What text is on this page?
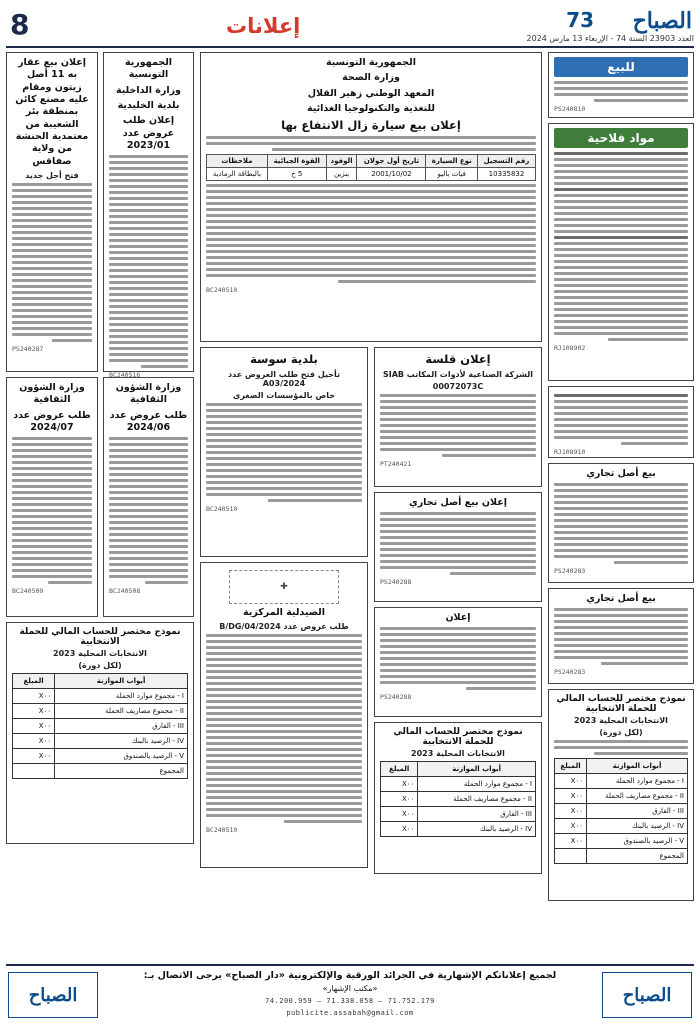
8	إعلانات	الصباح
73
العدد 23903 السنة 74 - الإربعاء 13 مارس 2024
للبيع
PS240810
مواد فلاحية
RJ108902
RJ108910
بيع أصل تجاري
PS240283
بيع أصل تجاري
PS240283
نموذج مختصر للحساب المالي للحملة الانتخابية
الانتخابات المحلية 2023
(لكل دورة)
أبواب الموازنة	المبلغ
I - مجموع موارد الحملة	X٠٠
II - مجموع مصاريف الحملة	X٠٠
III - الفارق	X٠٠
IV - الرصيد بالبنك	X٠٠
V - الرصيد بالصندوق	X٠٠
المجموع	
الجمهورية التونسية
وزارة الصحة
المعهد الوطني زهير القلال
للتغذية والتكنولوجيا الغذائية
إعلان بيع سيارة زال الانتفاع بها
رقم التسجيل	نوع السيارة	تاريخ أول جولان	الوقود	القوة الجبائية	ملاحظات
10335832	فيات باليو	2001/10/02	بنزين	5 خ	بالبطاقة الرمادية
BC240510
إعلان قلسة
الشركة الصناعية لأدوات المكاتب SIAB
00072073C
PT240421
إعلان بيع أصل تجاري
PS240288
إعلان
PS240288
نموذج مختصر للحساب المالي للحملة الانتخابية
الانتخابات المحلية 2023
أبواب الموازنة	المبلغ
I - مجموع موارد الحملة	X٠٠
II - مجموع مصاريف الحملة	X٠٠
III - الفارق	X٠٠
IV - الرصيد بالبنك	X٠٠
بلدية سوسة
تأجيل فتح طلب العروض عدد 2024/A03
خاص بالمؤسسات الصغرى
BC240510
✚
الصيدلية المركزية
طلب عروض عدد 2024/B/DG/04
BC240510
الجمهورية التونسية
وزارة الداخلية
بلدية الخليدية
إعلان طلب عروض عدد 2023/01
BC240516
وزارة الشؤون الثقافية
طلب عروض عدد 2024/06
BC240508
إعلان بيع عقار به 11 أصل زيتون ومقام عليه مصنع كائن بمنطقة بئر الشعيبة من معتمدية الحنشة من ولاية صفاقس
فتح أجل جديد
PS240287
وزارة الشؤون الثقافية
طلب عروض عدد 2024/07
BC240509
نموذج مختصر للحساب المالي للحملة الانتخابية
الانتخابات المحلية 2023
(لكل دورة)
أبواب الموازنة	المبلغ
I - مجموع موارد الحملة	X٠٠
II - مجموع مصاريف الحملة	X٠٠
III - الفارق	X٠٠
IV - الرصيد بالبنك	X٠٠
V - الرصيد بالصندوق	X٠٠
المجموع	
الصباح
لجميع إعلاناتكم الإشهارية في الجرائد الورقية والإلكترونية «دار الصباح» يرجى الاتصال بـ:
«مكتب الإشهار»
71.752.179 — 71.338.058 — 74.200.959
publicite.assabah@gmail.com
الصباح
